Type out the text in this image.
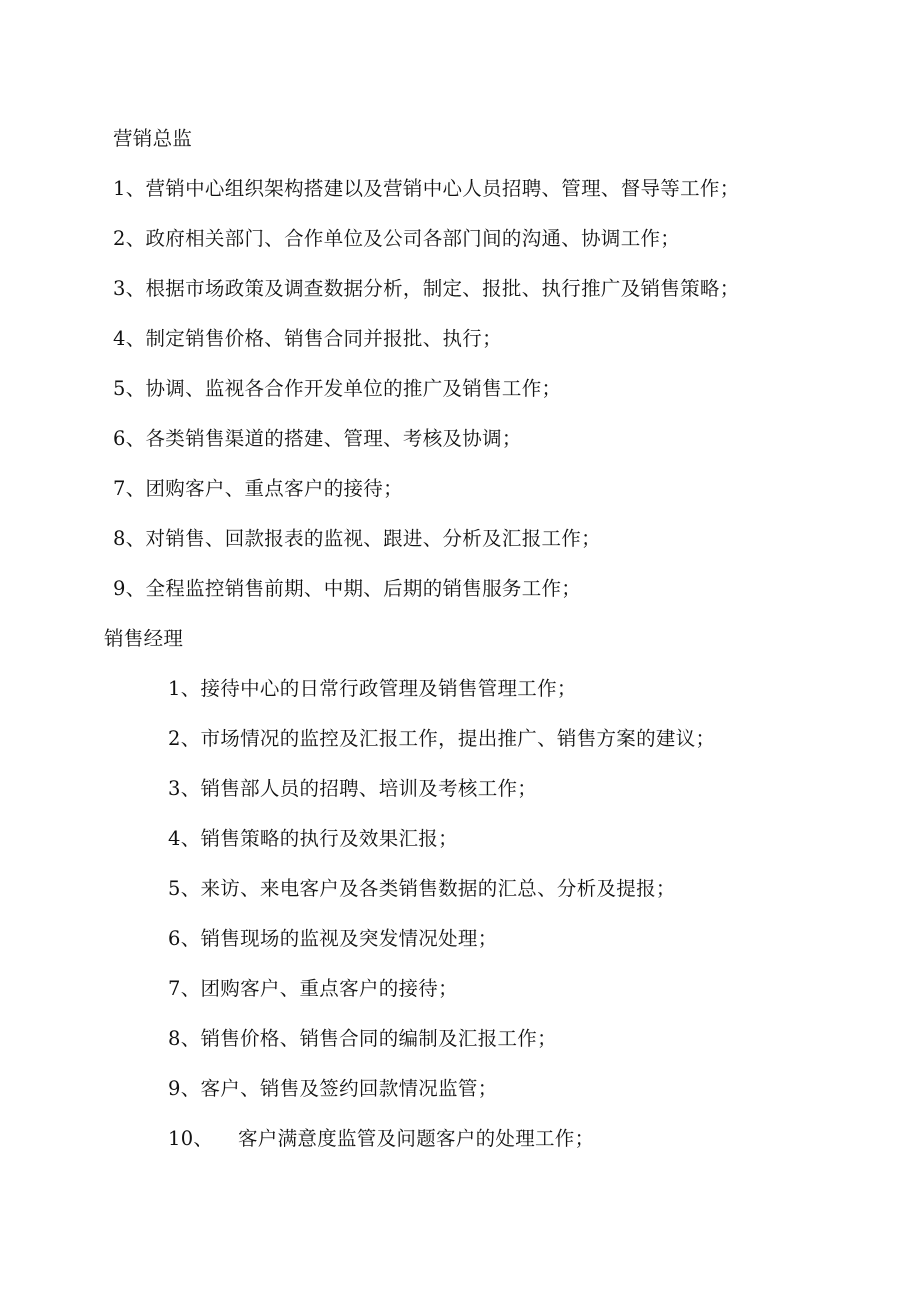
营销总监
1、营销中心组织架构搭建以及营销中心人员招聘、管理、督导等工作；
2、政府相关部门、合作单位及公司各部门间的沟通、协调工作；
3、根据市场政策及调查数据分析，制定、报批、执行推广及销售策略；
4、制定销售价格、销售合同并报批、执行；
5、协调、监视各合作开发单位的推广及销售工作；
6、各类销售渠道的搭建、管理、考核及协调；
7、团购客户、重点客户的接待；
8、对销售、回款报表的监视、跟进、分析及汇报工作；
9、全程监控销售前期、中期、后期的销售服务工作；
销售经理
1、接待中心的日常行政管理及销售管理工作；
2、市场情况的监控及汇报工作，提出推广、销售方案的建议；
3、销售部人员的招聘、培训及考核工作；
4、销售策略的执行及效果汇报；
5、来访、来电客户及各类销售数据的汇总、分析及提报；
6、销售现场的监视及突发情况处理；
7、团购客户、重点客户的接待；
8、销售价格、销售合同的编制及汇报工作；
9、客户、销售及签约回款情况监管；
10、 客户满意度监管及问题客户的处理工作；
